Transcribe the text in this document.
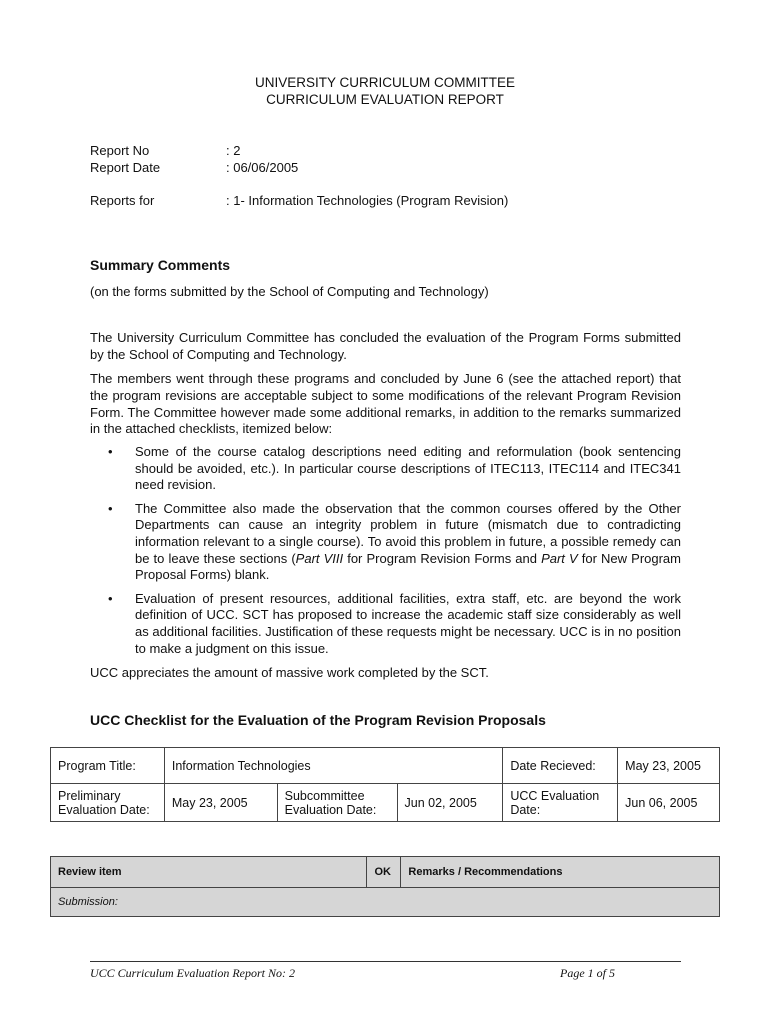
UNIVERSITY CURRICULUM COMMITTEE
CURRICULUM EVALUATION REPORT
Report No	: 2
Report Date	: 06/06/2005
Reports for	: 1- Information Technologies (Program Revision)
Summary Comments
(on the forms submitted by the School of Computing and Technology)
The University Curriculum Committee has concluded the evaluation of the Program Forms submitted by the School of Computing and Technology.
The members went through these programs and concluded by June 6 (see the attached report) that the program revisions are acceptable subject to some modifications of the relevant Program Revision Form. The Committee however made some additional remarks, in addition to the remarks summarized in the attached checklists, itemized below:
• Some of the course catalog descriptions need editing and reformulation (book sentencing should be avoided, etc.). In particular course descriptions of ITEC113, ITEC114 and ITEC341 need revision.
• The Committee also made the observation that the common courses offered by the Other Departments can cause an integrity problem in future (mismatch due to contradicting information relevant to a single course). To avoid this problem in future, a possible remedy can be to leave these sections (Part VIII for Program Revision Forms and Part V for New Program Proposal Forms) blank.
• Evaluation of present resources, additional facilities, extra staff, etc. are beyond the work definition of UCC. SCT has proposed to increase the academic staff size considerably as well as additional facilities. Justification of these requests might be necessary. UCC is in no position to make a judgment on this issue.
UCC appreciates the amount of massive work completed by the SCT.
UCC Checklist for the Evaluation of the Program Revision Proposals
Program Title:	Information Technologies			Date Recieved:	May 23, 2005
Preliminary Evaluation Date:	May 23, 2005	Subcommittee Evaluation Date:	Jun 02, 2005	UCC Evaluation Date:	Jun 06, 2005
Review item	OK	Remarks / Recommendations
Submission:
UCC Curriculum Evaluation Report No: 2	Page 1 of 5
